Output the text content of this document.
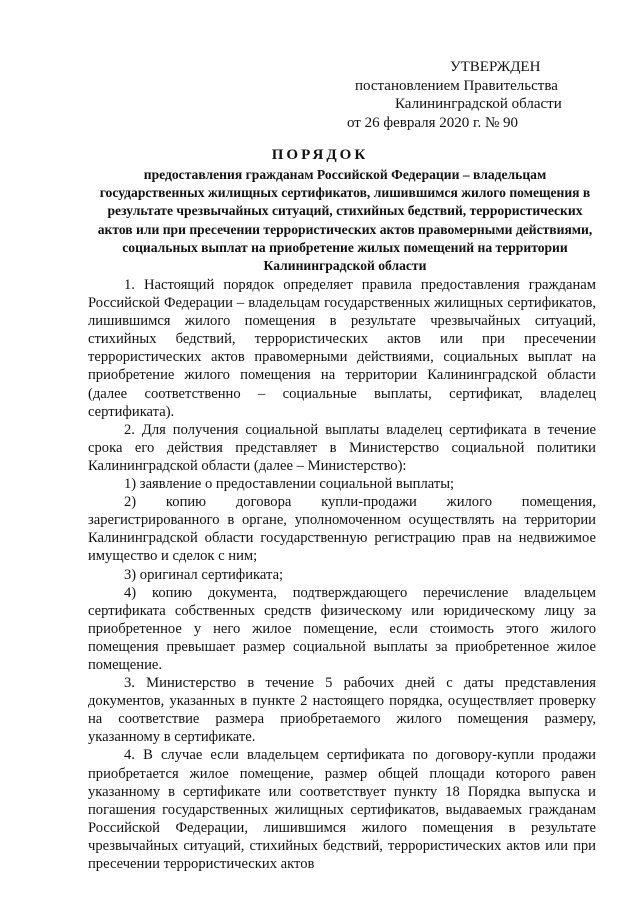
УТВЕРЖДЕН
постановлением Правительства
Калининградской области
от 26 февраля 2020 г. № 90
ПОРЯДОК
предоставления гражданам Российской Федерации – владельцам государственных жилищных сертификатов, лишившимся жилого помещения в результате чрезвычайных ситуаций, стихийных бедствий, террористических актов или при пресечении террористических актов правомерными действиями, социальных выплат на приобретение жилых помещений на территории Калининградской области

1. Настоящий порядок определяет правила предоставления гражданам Российской Федерации – владельцам государственных жилищных сертификатов, лишившимся жилого помещения в результате чрезвычайных ситуаций, стихийных бедствий, террористических актов или при пресечении террористических актов правомерными действиями, социальных выплат на приобретение жилого помещения на территории Калининградской области (далее соответственно – социальные выплаты, сертификат, владелец сертификата).

2. Для получения социальной выплаты владелец сертификата в течение срока его действия представляет в Министерство социальной политики Калининградской области (далее – Министерство):

1) заявление о предоставлении социальной выплаты;

2) копию договора купли-продажи жилого помещения, зарегистрированного в органе, уполномоченном осуществлять на территории Калининградской области государственную регистрацию прав на недвижимое имущество и сделок с ним;

3) оригинал сертификата;

4) копию документа, подтверждающего перечисление владельцем сертификата собственных средств физическому или юридическому лицу за приобретенное у него жилое помещение, если стоимость этого жилого помещения превышает размер социальной выплаты за приобретенное жилое помещение.

3. Министерство в течение 5 рабочих дней с даты представления документов, указанных в пункте 2 настоящего порядка, осуществляет проверку на соответствие размера приобретаемого жилого помещения размеру, указанному в сертификате.

4. В случае если владельцем сертификата по договору-купли продажи приобретается жилое помещение, размер общей площади которого равен указанному в сертификате или соответствует пункту 18 Порядка выпуска и погашения государственных жилищных сертификатов, выдаваемых гражданам Российской Федерации, лишившимся жилого помещения в результате чрезвычайных ситуаций, стихийных бедствий, террористических актов или при пресечении террористических актов
